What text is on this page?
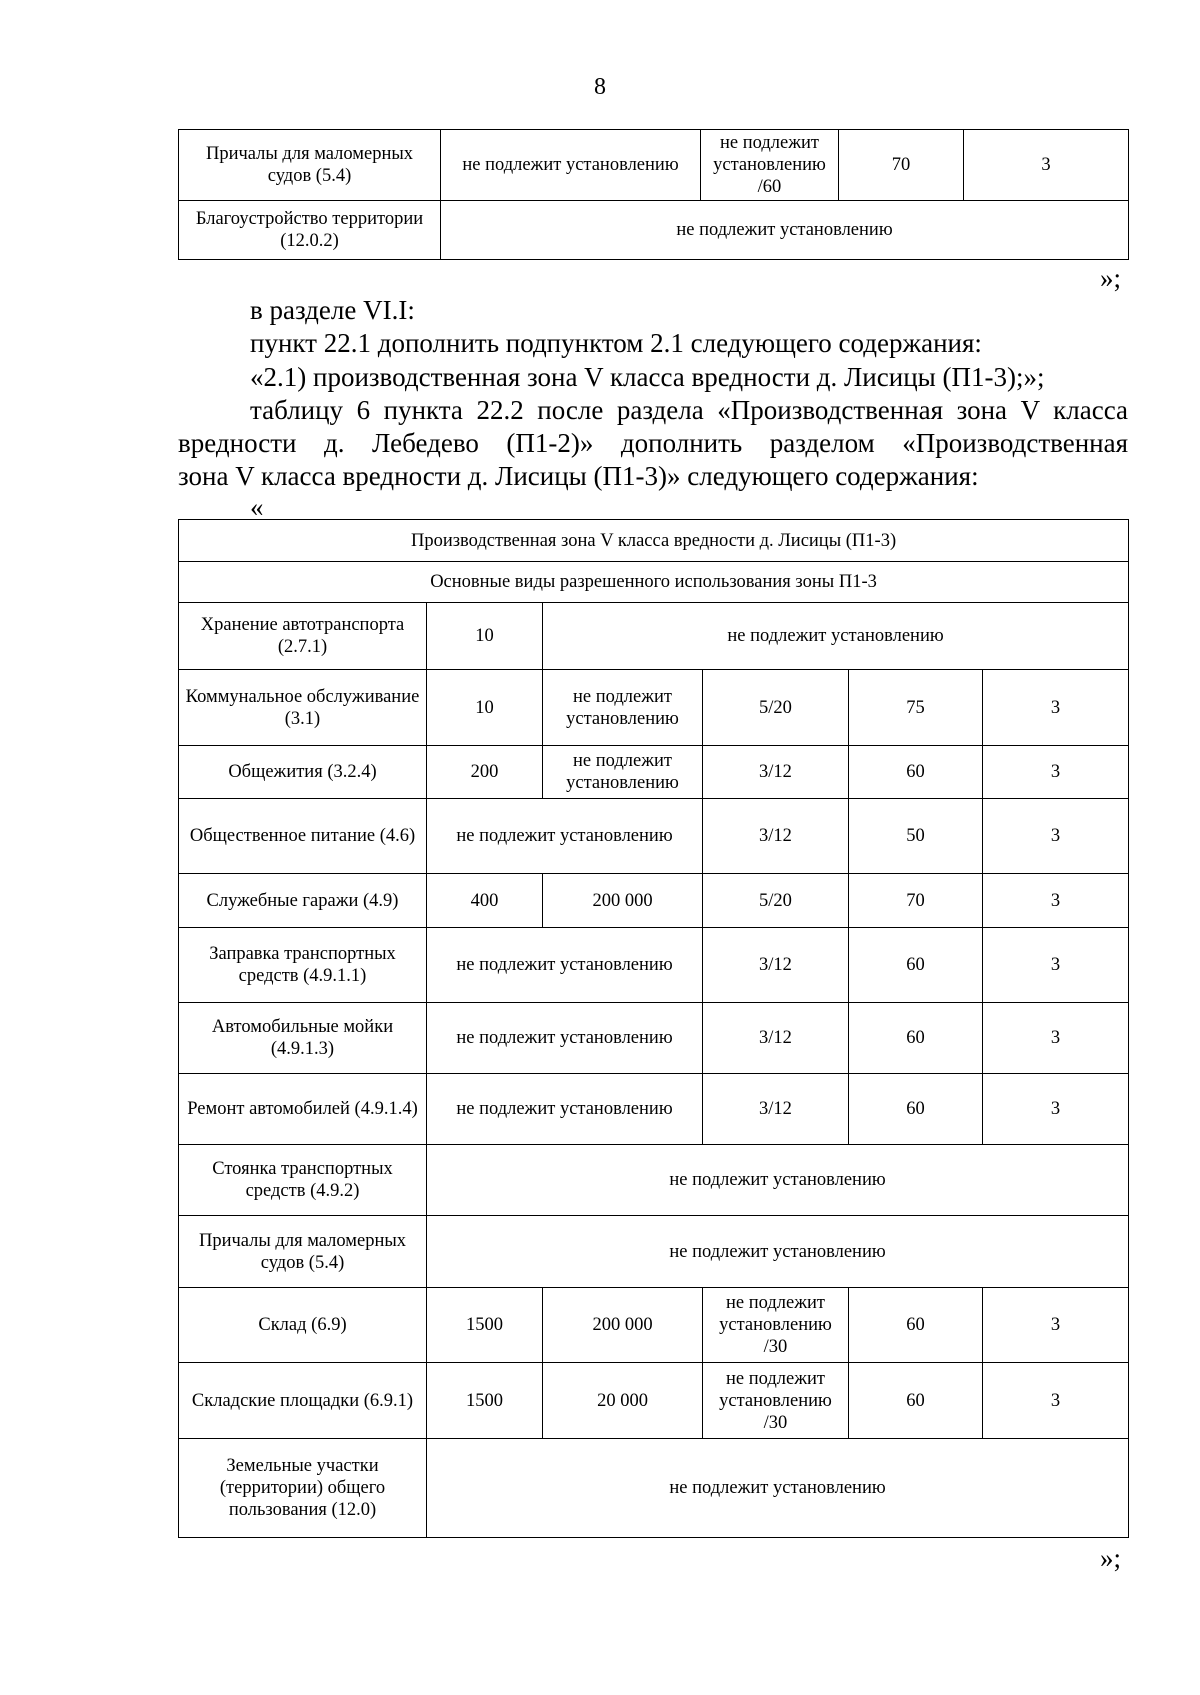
8
Причалы для маломерных судов (5.4)	не подлежит установлению	не подлежит установлению /60	70	3
Благоустройство территории (12.0.2)	не подлежит установлению			
»;
в разделе VI.I:
пункт 22.1 дополнить подпунктом 2.1 следующего содержания:
«2.1) производственная зона V класса вредности д. Лисицы (П1-3);»;
таблицу 6 пункта 22.2 после раздела «Производственная зона V класса
вредности д. Лебедево (П1-2)» дополнить разделом «Производственная
зона V класса вредности д. Лисицы (П1-3)» следующего содержания:
«
Производственная зона V класса вредности д. Лисицы (П1-3)					
Основные виды разрешенного использования зоны П1-3					
Хранение автотранспорта (2.7.1)	10	не подлежит установлению			
Коммунальное обслуживание (3.1)	10	не подлежит установлению	5/20	75	3
Общежития (3.2.4)	200	не подлежит установлению	3/12	60	3
Общественное питание (4.6)	не подлежит установлению		3/12	50	3
Служебные гаражи (4.9)	400	200 000	5/20	70	3
Заправка транспортных средств (4.9.1.1)	не подлежит установлению		3/12	60	3
Автомобильные мойки (4.9.1.3)	не подлежит установлению		3/12	60	3
Ремонт автомобилей (4.9.1.4)	не подлежит установлению		3/12	60	3
Стоянка транспортных средств (4.9.2)	не подлежит установлению				
Причалы для маломерных судов (5.4)	не подлежит установлению				
Склад (6.9)	1500	200 000	не подлежит установлению /30	60	3
Складские площадки (6.9.1)	1500	20 000	не подлежит установлению /30	60	3
Земельные участки (территории) общего пользования (12.0)	не подлежит установлению				
»;
